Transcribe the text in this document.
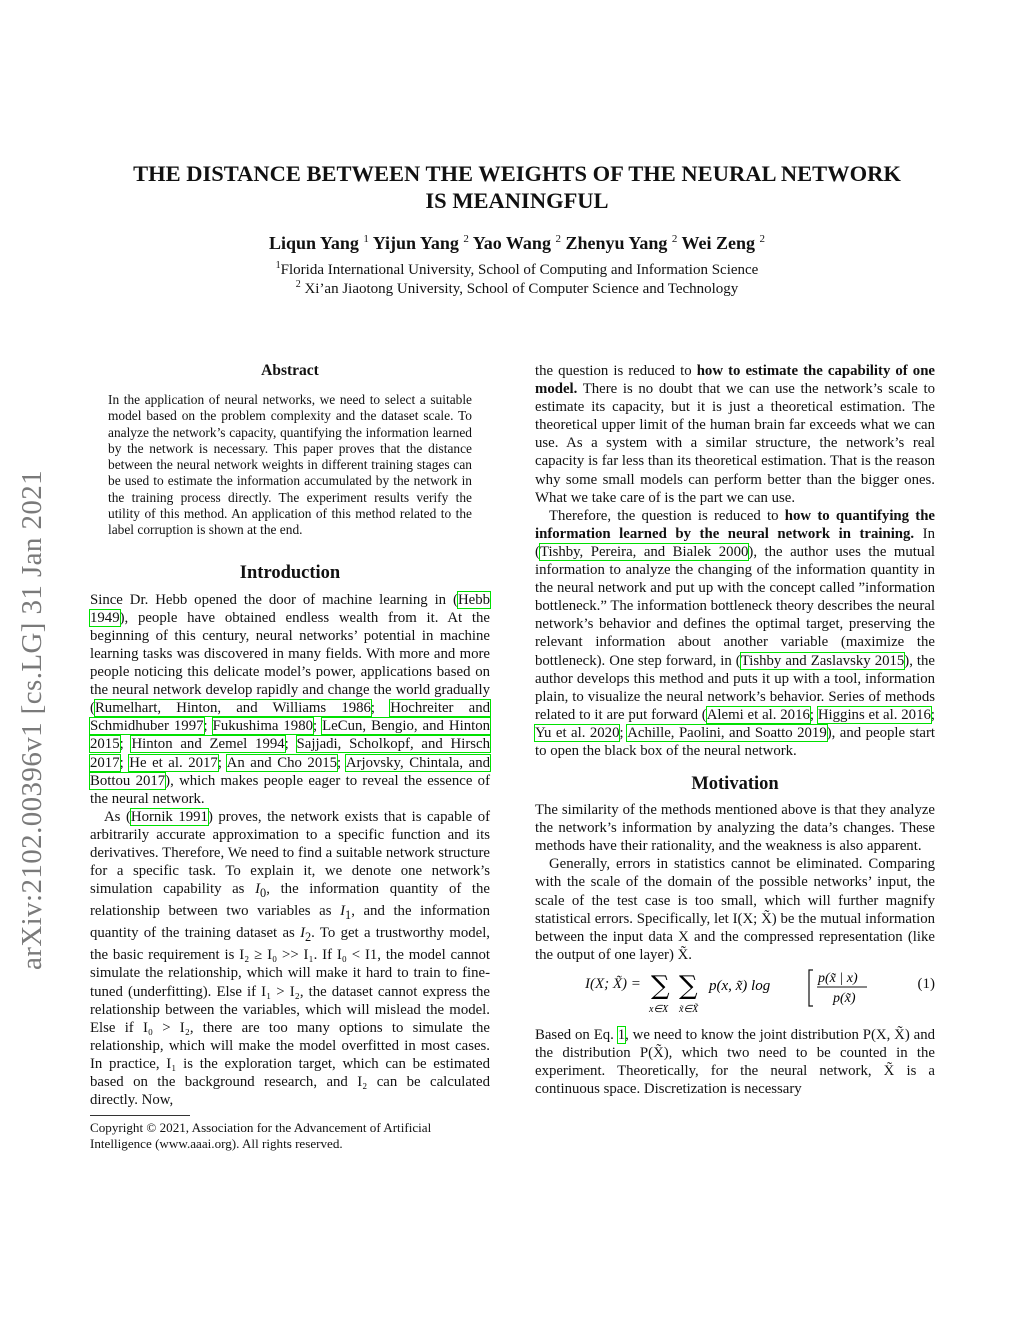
arXiv:2102.00396v1 [cs.LG] 31 Jan 2021
THE DISTANCE BETWEEN THE WEIGHTS OF THE NEURAL NETWORK
IS MEANINGFUL
Liqun Yang $^1$ Yijun Yang $^2$ Yao Wang $^2$ Zhenyu Yang $^2$ Wei Zeng $^2$
$^1$Florida International University, School of Computing and Information Science
$^2$ Xi’an Jiaotong University, School of Computer Science and Technology
Abstract

In the application of neural networks, we need to select a suitable model based on the problem complexity and the dataset scale. To analyze the network’s capacity, quantifying the information learned by the network is necessary. This paper proves that the distance between the neural network weights in different training stages can be used to estimate the information accumulated by the network in the training process directly. The experiment results verify the utility of this method. An application of this method related to the label corruption is shown at the end.

Introduction

Since Dr. Hebb opened the door of machine learning in (Hebb 1949), people have obtained endless wealth from it. At the beginning of this century, neural networks’ potential in machine learning tasks was discovered in many fields. With more and more people noticing this delicate model’s power, applications based on the neural network develop rapidly and change the world gradually (Rumelhart, Hinton, and Williams 1986; Hochreiter and Schmidhuber 1997; Fukushima 1980; LeCun, Bengio, and Hinton 2015; Hinton and Zemel 1994; Sajjadi, Scholkopf, and Hirsch 2017; He et al. 2017; An and Cho 2015; Arjovsky, Chintala, and Bottou 2017), which makes people eager to reveal the essence of the neural network.

As (Hornik 1991) proves, the network exists that is capable of arbitrarily accurate approximation to a specific function and its derivatives. Therefore, We need to find a suitable network structure for a specific task. To explain it, we denote one network’s simulation capability as $I_0$, the information quantity of the relationship between two variables as $I_1$, and the information quantity of the training dataset as $I_2$. To get a trustworthy model, the basic requirement is I₂ ≥ I₀ >> I₁. If I₀ < I1, the model cannot simulate the relationship, which will make it hard to train to fine-tuned (underfitting). Else if I₁ > I₂, the dataset cannot express the relationship between the variables, which will mislead the model. Else if I₀ > I₂, there are too many options to simulate the relationship, which will make the model overfitted in most cases. In practice, I₁ is the exploration target, which can be estimated based on the background research, and I₂ can be calculated directly. Now,

Copyright © 2021, Association for the Advancement of Artificial Intelligence (www.aaai.org). All rights reserved.

the question is reduced to how to estimate the capability of one model. There is no doubt that we can use the network’s scale to estimate its capacity, but it is just a theoretical estimation. The theoretical upper limit of the human brain far exceeds what we can use. As a system with a similar structure, the network’s real capacity is far less than its theoretical estimation. That is the reason why some small models can perform better than the bigger ones. What we take care of is the part we can use.

Therefore, the question is reduced to how to quantifying the information learned by the neural network in training. In (Tishby, Pereira, and Bialek 2000), the author uses the mutual information to analyze the changing of the information quantity in the neural network and put up with the concept called ”information bottleneck.” The information bottleneck theory describes the neural network’s behavior and defines the optimal target, preserving the relevant information about another variable (maximize the bottleneck). One step forward, in (Tishby and Zaslavsky 2015), the author develops this method and puts it up with a tool, information plain, to visualize the neural network’s behavior. Series of methods related to it are put forward (Alemi et al. 2016; Higgins et al. 2016; Yu et al. 2020; Achille, Paolini, and Soatto 2019), and people start to open the black box of the neural network.

Motivation

The similarity of the methods mentioned above is that they analyze the network’s information by analyzing the data’s changes. These methods have their rationality, and the weakness is also apparent.

Generally, errors in statistics cannot be eliminated. Comparing with the scale of the domain of the possible networks’ input, the scale of the test case is too small, which will further magnify statistical errors. Specifically, let I(X; X̃) be the mutual information between the input data X and the compressed representation (like the output of one layer) X̃.

I(X; X̃) = ∑
x∈X
∑
x̃∈X̃
p(x, x̃) log	p(x̃ | x)
p(x̃)
(1)

Based on Eq. 1, we need to know the joint distribution P(X, X̃) and the distribution P(X̃), which two need to be counted in the experiment. Theoretically, for the neural network, X̃ is a continuous space. Discretization is necessary
